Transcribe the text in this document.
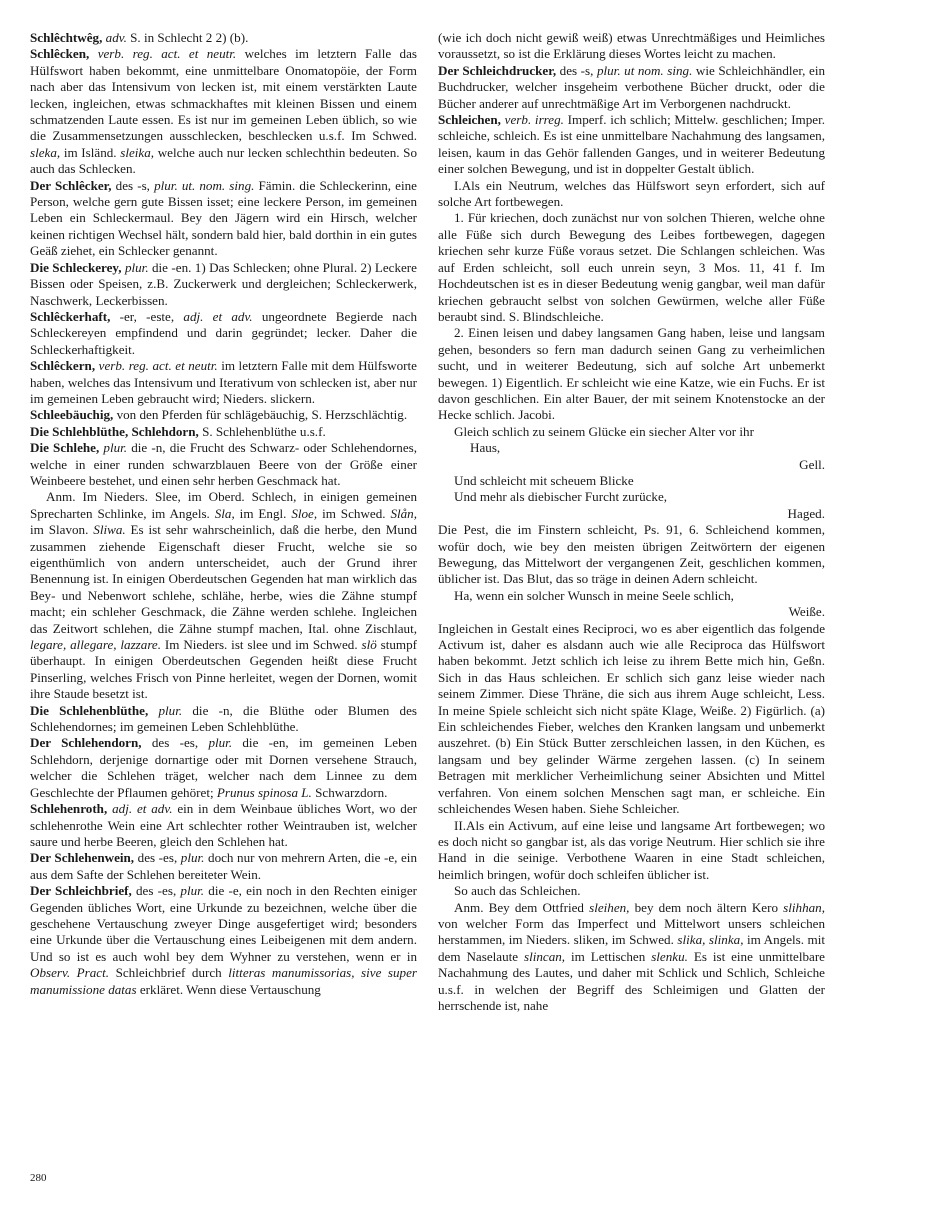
Schlêchtwêg, adv. S. in Schlecht 2 2) (b).

Schlêcken, verb. reg. act. et neutr. welches im letztern Falle das Hülfswort haben bekommt, eine unmittelbare Onomatopöie, der Form nach aber das Intensivum von lecken ist, mit einem verstärkten Laute lecken, ingleichen, etwas schmackhaftes mit kleinen Bissen und einem schmatzenden Laute essen. Es ist nur im gemeinen Leben üblich, so wie die Zusammensetzungen ausschlecken, beschlecken u.s.f. Im Schwed. sleka, im Isländ. sleika, welche auch nur lecken schlechthin bedeuten. So auch das Schlecken.

Der Schlêcker, des -s, plur. ut. nom. sing. Fämin. die Schleckerinn, eine Person, welche gern gute Bissen isset; eine leckere Person, im gemeinen Leben ein Schleckermaul. Bey den Jägern wird ein Hirsch, welcher keinen richtigen Wechsel hält, sondern bald hier, bald dorthin in ein gutes Geäß ziehet, ein Schlecker genannt.

Die Schleckerey, plur. die -en. 1) Das Schlecken; ohne Plural. 2) Leckere Bissen oder Speisen, z.B. Zuckerwerk und dergleichen; Schleckerwerk, Naschwerk, Leckerbissen.

Schlêckerhaft, -er, -este, adj. et adv. ungeordnete Begierde nach Schleckereyen empfindend und darin gegründet; lecker. Daher die Schleckerhaftigkeit.

Schlêckern, verb. reg. act. et neutr. im letztern Falle mit dem Hülfsworte haben, welches das Intensivum und Iterativum von schlecken ist, aber nur im gemeinen Leben gebraucht wird; Nieders. slickern.

Schleebäuchig, von den Pferden für schlägebäuchig, S. Herzschlächtig.

Die Schlehblüthe, Schlehdorn, S. Schlehenblüthe u.s.f.

Die Schlehe, plur. die -n, die Frucht des Schwarz- oder Schlehendornes, welche in einer runden schwarzblauen Beere von der Größe einer Weinbeere bestehet, und einen sehr herben Geschmack hat.

Anm. Im Nieders. Slee, im Oberd. Schlech, in einigen gemeinen Sprecharten Schlinke, im Angels. Sla, im Engl. Sloe, im Schwed. Slån, im Slavon. Sliwa. Es ist sehr wahrscheinlich, daß die herbe, den Mund zusammen ziehende Eigenschaft dieser Frucht, welche sie so eigenthümlich von andern unterscheidet, auch der Grund ihrer Benennung ist. In einigen Oberdeutschen Gegenden hat man wirklich das Bey- und Nebenwort schlehe, schlähe, herbe, wies die Zähne stumpf macht; ein schleher Geschmack, die Zähne werden schlehe. Ingleichen das Zeitwort schlehen, die Zähne stumpf machen, Ital. ohne Zischlaut, legare, allegare, lazzare. Im Nieders. ist slee und im Schwed. slö stumpf überhaupt. In einigen Oberdeutschen Gegenden heißt diese Frucht Pinserling, welches Frisch von Pinne herleitet, wegen der Dornen, womit ihre Staude besetzt ist.

Die Schlehenblüthe, plur. die -n, die Blüthe oder Blumen des Schlehendornes; im gemeinen Leben Schlehblüthe.

Der Schlehendorn, des -es, plur. die -en, im gemeinen Leben Schlehdorn, derjenige dornartige oder mit Dornen versehene Strauch, welcher die Schlehen träget, welcher nach dem Linnee zu dem Geschlechte der Pflaumen gehöret; Prunus spinosa L. Schwarzdorn.

Schlehenroth, adj. et adv. ein in dem Weinbaue übliches Wort, wo der schlehenrothe Wein eine Art schlechter rother Weintrauben ist, welcher saure und herbe Beeren, gleich den Schlehen hat.

Der Schlehenwein, des -es, plur. doch nur von mehrern Arten, die -e, ein aus dem Safte der Schlehen bereiteter Wein.

Der Schleichbrief, des -es, plur. die -e, ein noch in den Rechten einiger Gegenden übliches Wort, eine Urkunde zu bezeichnen, welche über die geschehene Vertauschung zweyer Dinge ausgefertiget wird; besonders eine Urkunde über die Vertauschung eines Leibeigenen mit dem andern. Und so ist es auch wohl bey dem Wyhner zu verstehen, wenn er in Observ. Pract. Schleichbrief durch litteras manumissorias, sive super manumissione datas erkläret. Wenn diese Vertauschung

(wie ich doch nicht gewiß weiß) etwas Unrechtmäßiges und Heimliches voraussetzt, so ist die Erklärung dieses Wortes leicht zu machen.

Der Schleichdrucker, des -s, plur. ut nom. sing. wie Schleichhändler, ein Buchdrucker, welcher insgeheim verbothene Bücher druckt, oder die Bücher anderer auf unrechtmäßige Art im Verborgenen nachdruckt.

Schleichen, verb. irreg. Imperf. ich schlich; Mittelw. geschlichen; Imper. schleiche, schleich. Es ist eine unmittelbare Nachahmung des langsamen, leisen, kaum in das Gehör fallenden Ganges, und in weiterer Bedeutung einer solchen Bewegung, und ist in doppelter Gestalt üblich.

I.Als ein Neutrum, welches das Hülfswort seyn erfordert, sich auf solche Art fortbewegen.

1. Für kriechen, doch zunächst nur von solchen Thieren, welche ohne alle Füße sich durch Bewegung des Leibes fortbewegen, dagegen kriechen sehr kurze Füße voraus setzet. Die Schlangen schleichen. Was auf Erden schleicht, soll euch unrein seyn, 3 Mos. 11, 41 f. Im Hochdeutschen ist es in dieser Bedeutung wenig gangbar, weil man dafür kriechen gebraucht selbst von solchen Gewürmen, welche aller Füße beraubt sind. S. Blindschleiche.

2. Einen leisen und dabey langsamen Gang haben, leise und langsam gehen, besonders so fern man dadurch seinen Gang zu verheimlichen sucht, und in weiterer Bedeutung, sich auf solche Art unbemerkt bewegen. 1) Eigentlich. Er schleicht wie eine Katze, wie ein Fuchs. Er ist davon geschlichen. Ein alter Bauer, der mit seinem Knotenstocke an der Hecke schlich. Jacobi.

Gleich schlich zu seinem Glücke ein siecher Alter vor ihr

Haus,

Gell.

Und schleicht mit scheuem Blicke

Und mehr als diebischer Furcht zurücke,

Haged.

Die Pest, die im Finstern schleicht, Ps. 91, 6. Schleichend kommen, wofür doch, wie bey den meisten übrigen Zeitwörtern der eigenen Bewegung, das Mittelwort der vergangenen Zeit, geschlichen kommen, üblicher ist. Das Blut, das so träge in deinen Adern schleicht.

Ha, wenn ein solcher Wunsch in meine Seele schlich,

Weiße.

Ingleichen in Gestalt eines Reciproci, wo es aber eigentlich das folgende Activum ist, daher es alsdann auch wie alle Reciproca das Hülfswort haben bekommt. Jetzt schlich ich leise zu ihrem Bette mich hin, Geßn. Sich in das Haus schleichen. Er schlich sich ganz leise wieder nach seinem Zimmer. Diese Thräne, die sich aus ihrem Auge schleicht, Less. In meine Spiele schleicht sich nicht späte Klage, Weiße. 2) Figürlich. (a) Ein schleichendes Fieber, welches den Kranken langsam und unbemerkt auszehret. (b) Ein Stück Butter zerschleichen lassen, in den Küchen, es langsam und bey gelinder Wärme zergehen lassen. (c) In seinem Betragen mit merklicher Verheimlichung seiner Absichten und Mittel verfahren. Von einem solchen Menschen sagt man, er schleiche. Ein schleichendes Wesen haben. Siehe Schleicher.

II.Als ein Activum, auf eine leise und langsame Art fortbewegen; wo es doch nicht so gangbar ist, als das vorige Neutrum. Hier schlich sie ihre Hand in die seinige. Verbothene Waaren in eine Stadt schleichen, heimlich bringen, wofür doch schleifen üblicher ist.

So auch das Schleichen.

Anm. Bey dem Ottfried sleihen, bey dem noch ältern Kero slihhan, von welcher Form das Imperfect und Mittelwort unsers schleichen herstammen, im Nieders. sliken, im Schwed. slika, slinka, im Angels. mit dem Naselaute slincan, im Lettischen slenku. Es ist eine unmittelbare Nachahmung des Lautes, und daher mit Schlick und Schlich, Schleiche u.s.f. in welchen der Begriff des Schleimigen und Glatten der herrschende ist, nahe

280
